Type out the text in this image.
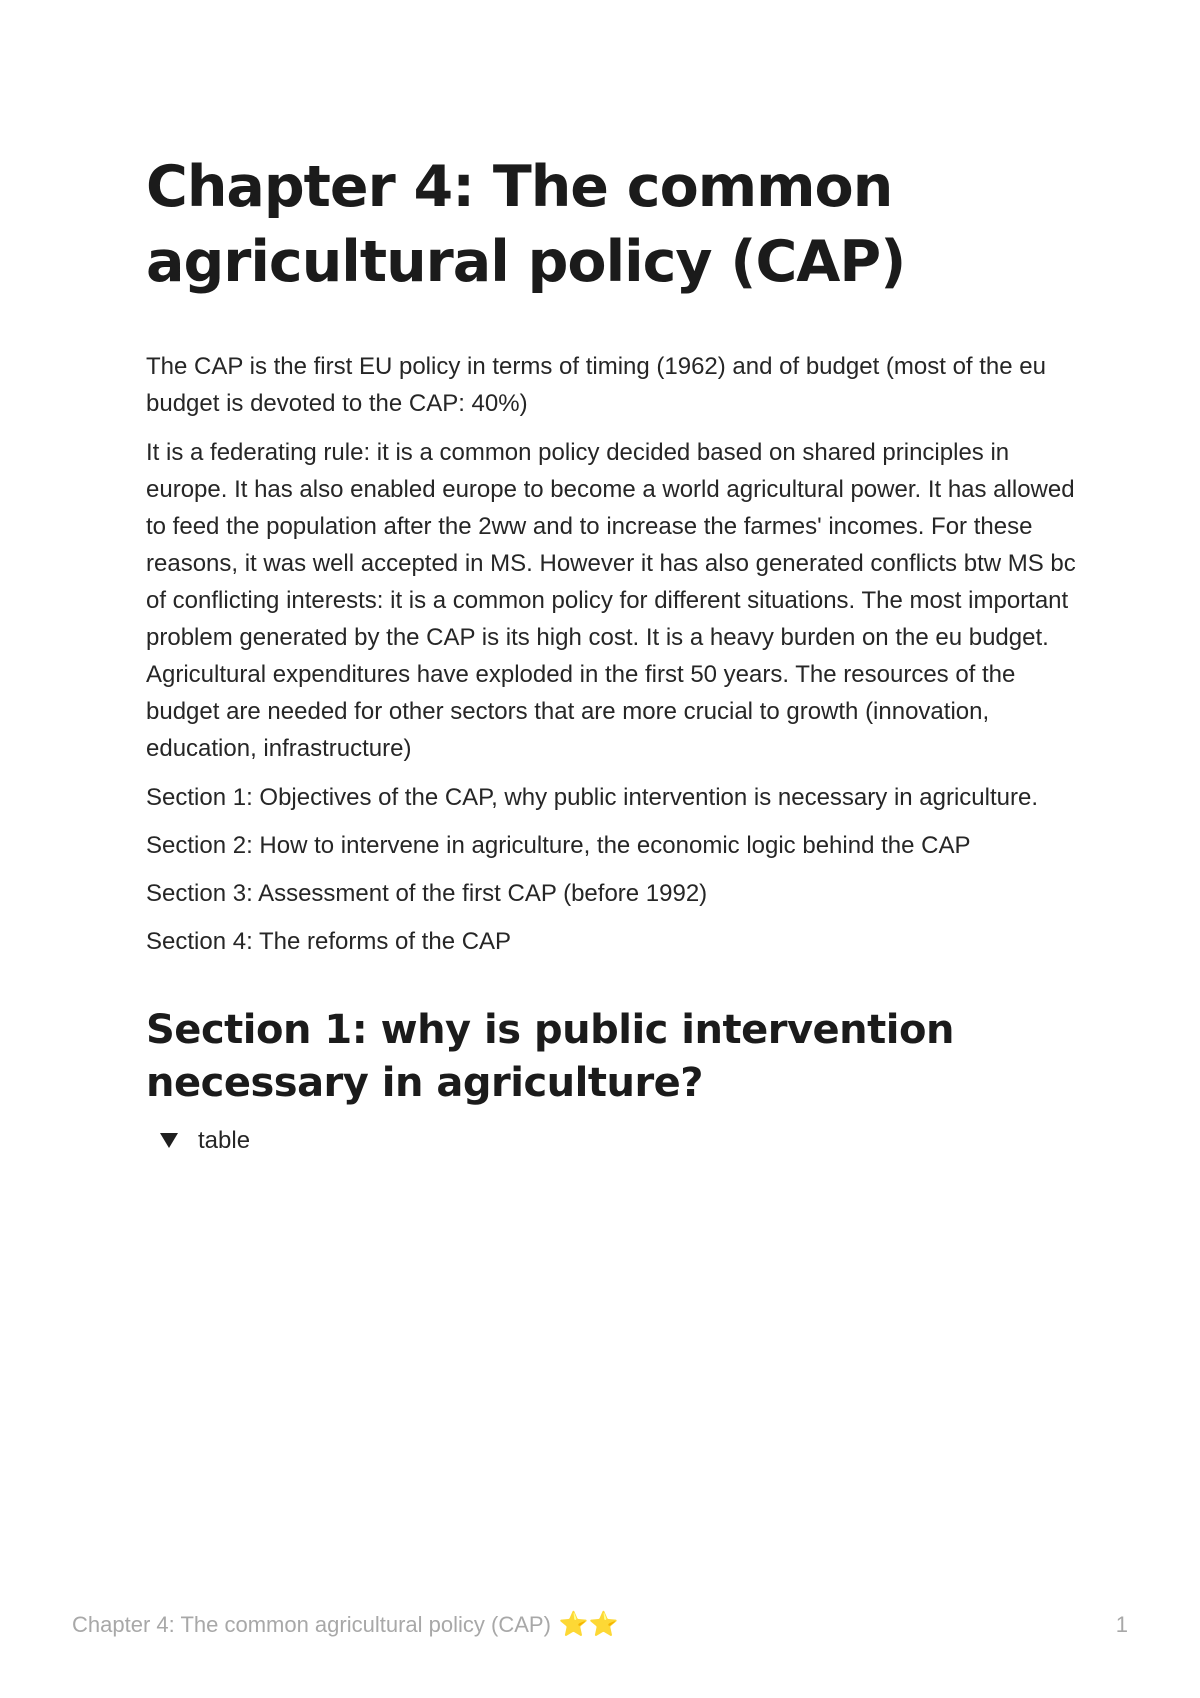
Chapter 4: The common agricultural policy (CAP)

The CAP is the first EU policy in terms of timing (1962) and of budget (most of the eu budget is devoted to the CAP: 40%)

It is a federating rule: it is a common policy decided based on shared principles in europe. It has also enabled europe to become a world agricultural power. It has allowed to feed the population after the 2ww and to increase the farmes' incomes. For these reasons, it was well accepted in MS. However it has also generated conflicts btw MS bc of conflicting interests: it is a common policy for different situations. The most important problem generated by the CAP is its high cost. It is a heavy burden on the eu budget. Agricultural expenditures have exploded in the first 50 years. The resources of the budget are needed for other sectors that are more crucial to growth (innovation, education, infrastructure)

Section 1: Objectives of the CAP, why public intervention is necessary in agriculture.

Section 2: How to intervene in agriculture, the economic logic behind the CAP

Section 3: Assessment of the first CAP (before 1992)

Section 4: The reforms of the CAP

Section 1: why is public intervention necessary in agriculture?
table
Chapter 4: The common agricultural policy (CAP) ⭐ ⭐	1
